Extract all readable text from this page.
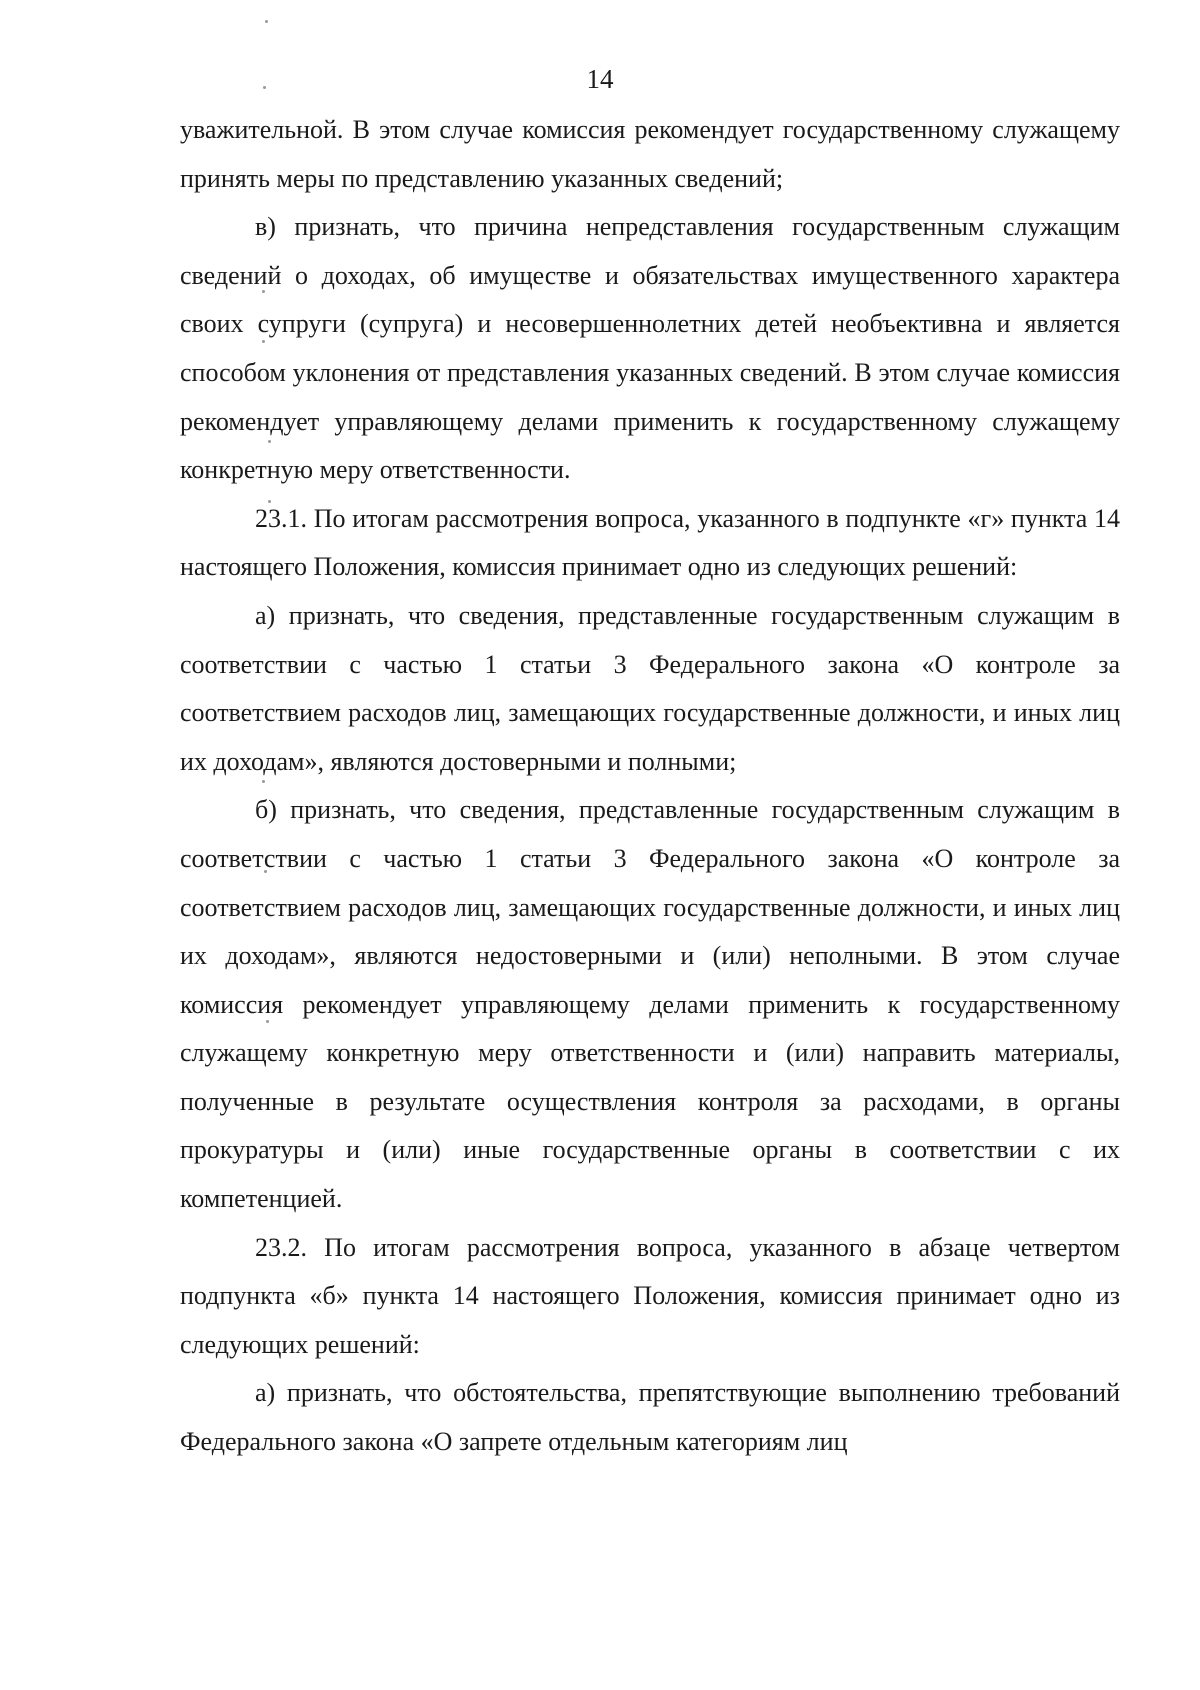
14

уважительной. В этом случае комиссия рекомендует государственному служащему принять меры по представлению указанных сведений;

в) признать, что причина непредставления государственным служащим сведений о доходах, об имуществе и обязательствах имущественного характера своих супруги (супруга) и несовершеннолетних детей необъективна и является способом уклонения от представления указанных сведений. В этом случае комиссия рекомендует управляющему делами применить к государственному служащему конкретную меру ответственности.

23.1. По итогам рассмотрения вопроса, указанного в подпункте «г» пункта 14 настоящего Положения, комиссия принимает одно из следующих решений:

а) признать, что сведения, представленные государственным служащим в соответствии с частью 1 статьи 3 Федерального закона «О контроле за соответствием расходов лиц, замещающих государственные должности, и иных лиц их доходам», являются достоверными и полными;

б) признать, что сведения, представленные государственным служащим в соответствии с частью 1 статьи 3 Федерального закона «О контроле за соответствием расходов лиц, замещающих государственные должности, и иных лиц их доходам», являются недостоверными и (или) неполными. В этом случае комиссия рекомендует управляющему делами применить к государственному служащему конкретную меру ответственности и (или) направить материалы, полученные в результате осуществления контроля за расходами, в органы прокуратуры и (или) иные государственные органы в соответствии с их компетенцией.

23.2. По итогам рассмотрения вопроса, указанного в абзаце четвертом подпункта «б» пункта 14 настоящего Положения, комиссия принимает одно из следующих решений:

а) признать, что обстоятельства, препятствующие выполнению требований Федерального закона «О запрете отдельным категориям лиц
